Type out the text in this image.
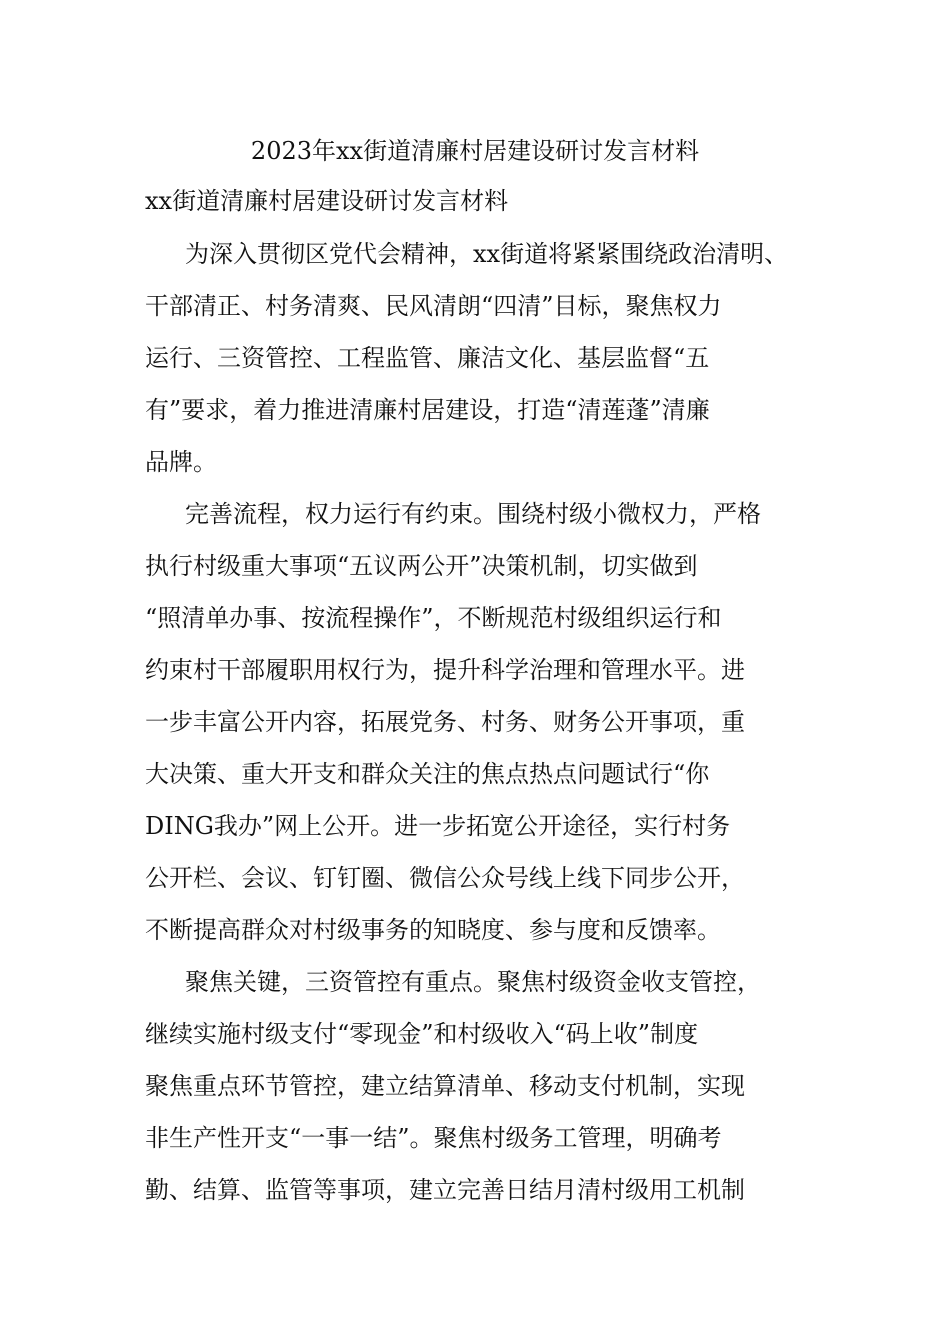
2023年xx街道清廉村居建设研讨发言材料
xx街道清廉村居建设研讨发言材料

为深入贯彻区党代会精神，xx街道将紧紧围绕政治清明、
干部清正、村务清爽、民风清朗“四清”目标，聚焦权力
运行、三资管控、工程监管、廉洁文化、基层监督“五
有”要求，着力推进清廉村居建设，打造“清莲蓬”清廉
品牌。

完善流程，权力运行有约束。围绕村级小微权力，严格
执行村级重大事项“五议两公开”决策机制，切实做到
“照清单办事、按流程操作”，不断规范村级组织运行和
约束村干部履职用权行为，提升科学治理和管理水平。进
一步丰富公开内容，拓展党务、村务、财务公开事项，重
大决策、重大开支和群众关注的焦点热点问题试行“你
DING我办”网上公开。进一步拓宽公开途径，实行村务
公开栏、会议、钉钉圈、微信公众号线上线下同步公开，
不断提高群众对村级事务的知晓度、参与度和反馈率。

聚焦关键，三资管控有重点。聚焦村级资金收支管控，
继续实施村级支付“零现金”和村级收入“码上收”制度
聚焦重点环节管控，建立结算清单、移动支付机制，实现
非生产性开支“一事一结”。聚焦村级务工管理，明确考
勤、结算、监管等事项，建立完善日结月清村级用工机制
